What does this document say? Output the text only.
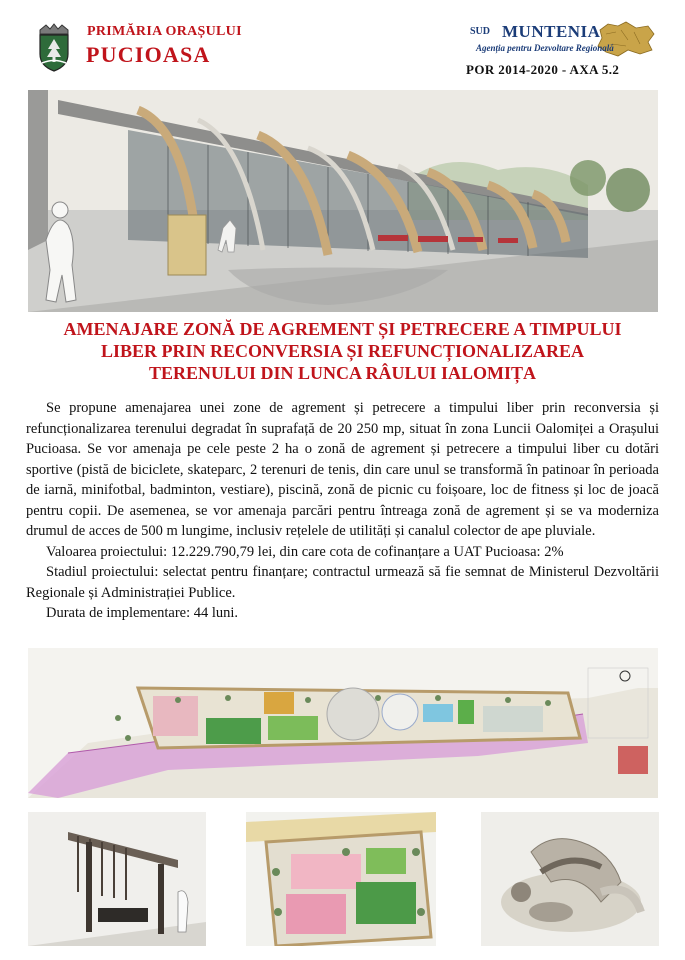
PRIMĂRIA ORAȘULUI
PUCIOASA
SUD MUNTENIA
Agenția pentru Dezvoltare Regională
POR 2014-2020 - AXA 5.2
AMENAJARE ZONĂ DE AGREMENT ȘI PETRECERE A TIMPULUI
LIBER PRIN RECONVERSIA ȘI REFUNCȚIONALIZAREA
TERENULUI DIN LUNCA RÂULUI IALOMIȚA

Se propune amenajarea unei zone de agrement și petrecere a timpului liber prin reconversia și refuncționalizarea terenului degradat în suprafață de 20 250 mp, situat în zona Luncii Oalomiței a Orașului Pucioasa. Se vor amenaja pe cele peste 2 ha o zonă de agrement și petrecere a timpului liber cu dotări sportive (pistă de biciclete, skateparc, 2 terenuri de tenis, din care unul se transformă în patinoar în perioada de iarnă, minifotbal, badminton, vestiare), piscină, zonă de picnic cu foișoare, loc de fitness și loc de joacă pentru copii. De asemenea, se vor amenaja parcări pentru întreaga zonă de agrement și se va moderniza drumul de acces de 500 m lungime, inclusiv rețelele de utilități și canalul colector de ape pluviale.

Valoarea proiectului: 12.229.790,79 lei, din care cota de cofinanțare a UAT Pucioasa: 2%

Stadiul proiectului: selectat pentru finanțare; contractul urmează să fie semnat de Ministerul Dezvoltării Regionale și Administrației Publice.

Durata de implementare: 44 luni.
